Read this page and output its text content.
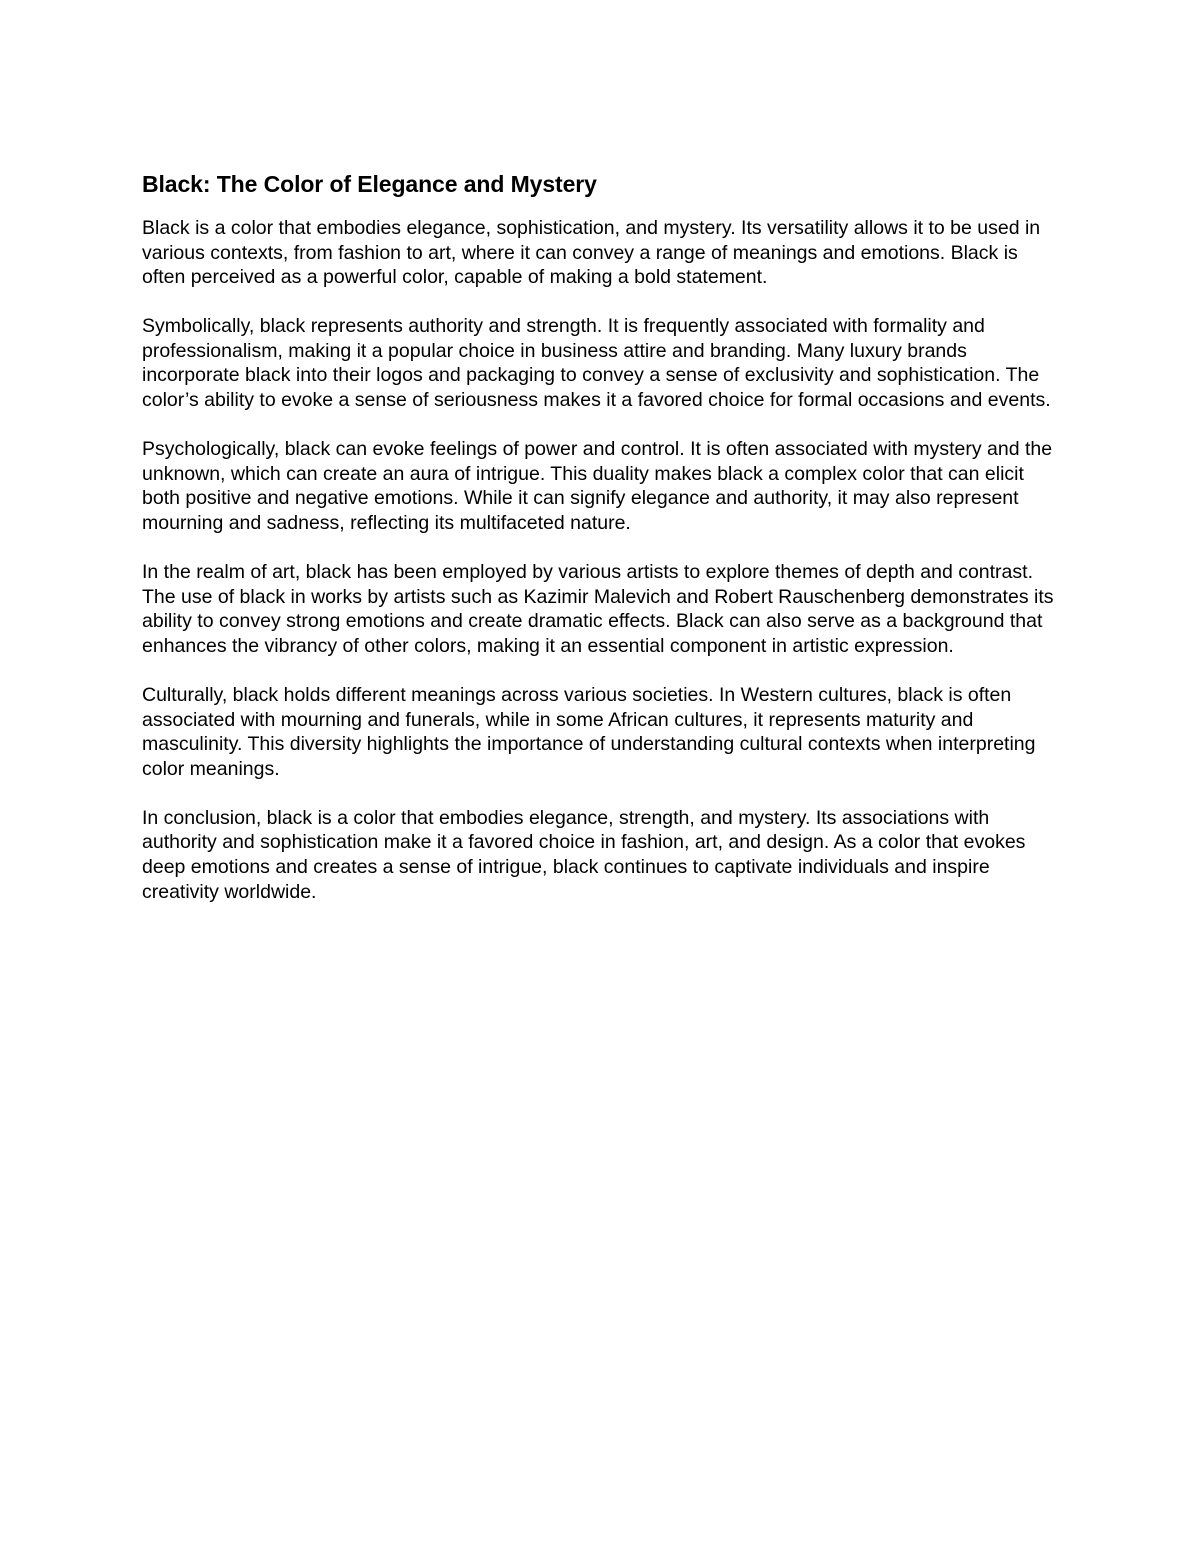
Black: The Color of Elegance and Mystery

Black is a color that embodies elegance, sophistication, and mystery. Its versatility allows it to be used in various contexts, from fashion to art, where it can convey a range of meanings and emotions. Black is often perceived as a powerful color, capable of making a bold statement.

Symbolically, black represents authority and strength. It is frequently associated with formality and professionalism, making it a popular choice in business attire and branding. Many luxury brands incorporate black into their logos and packaging to convey a sense of exclusivity and sophistication. The color’s ability to evoke a sense of seriousness makes it a favored choice for formal occasions and events.

Psychologically, black can evoke feelings of power and control. It is often associated with mystery and the unknown, which can create an aura of intrigue. This duality makes black a complex color that can elicit both positive and negative emotions. While it can signify elegance and authority, it may also represent mourning and sadness, reflecting its multifaceted nature.

In the realm of art, black has been employed by various artists to explore themes of depth and contrast. The use of black in works by artists such as Kazimir Malevich and Robert Rauschenberg demonstrates its ability to convey strong emotions and create dramatic effects. Black can also serve as a background that enhances the vibrancy of other colors, making it an essential component in artistic expression.

Culturally, black holds different meanings across various societies. In Western cultures, black is often associated with mourning and funerals, while in some African cultures, it represents maturity and masculinity. This diversity highlights the importance of understanding cultural contexts when interpreting color meanings.

In conclusion, black is a color that embodies elegance, strength, and mystery. Its associations with authority and sophistication make it a favored choice in fashion, art, and design. As a color that evokes deep emotions and creates a sense of intrigue, black continues to captivate individuals and inspire creativity worldwide.
